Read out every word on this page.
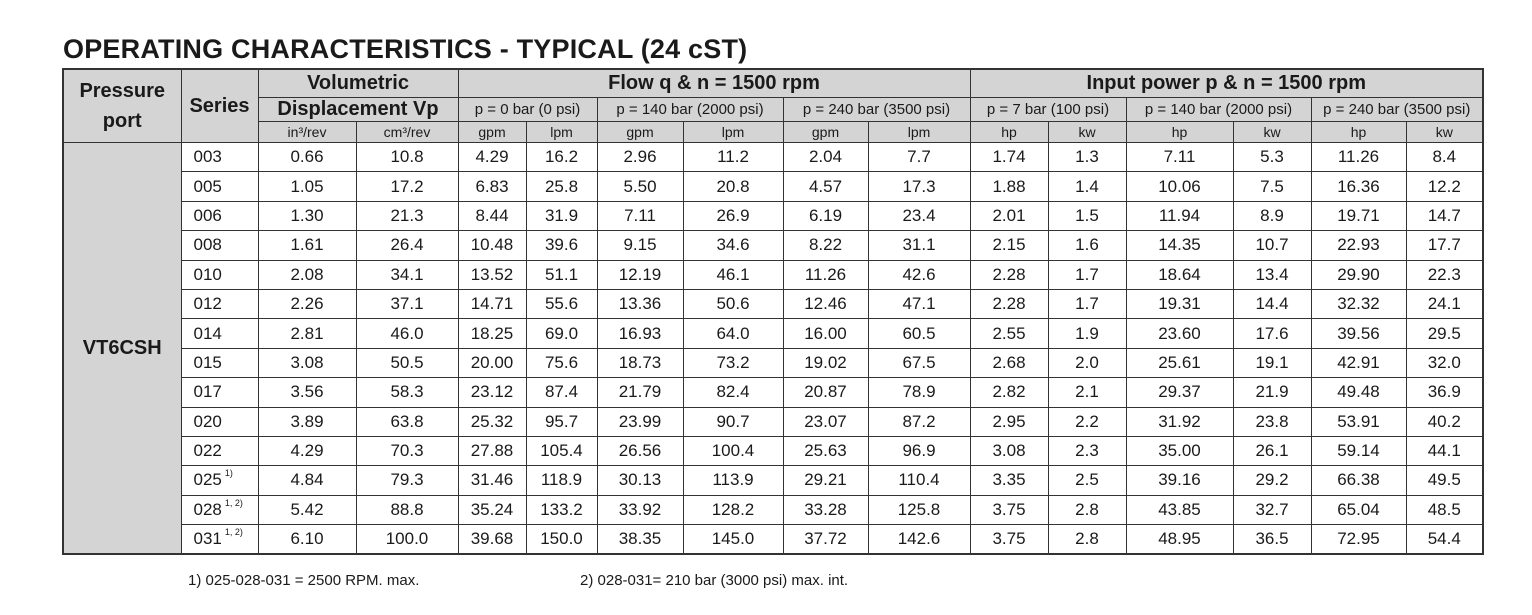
OPERATING CHARACTERISTICS - TYPICAL (24 cST)
Pressure port	Series	Volumetric		Flow q & n = 1500 rpm						Input power p & n = 1500 rpm					
		Displacement Vp		p = 0 bar (0 psi)		p = 140 bar (2000 psi)		p = 240 bar (3500 psi)		p = 7 bar (100 psi)		p = 140 bar (2000 psi)		p = 240 bar (3500 psi)	
		in³/rev	cm³/rev	gpm	lpm	gpm	lpm	gpm	lpm	hp	kw	hp	kw	hp	kw
VT6CSH	003	0.66	10.8	4.29	16.2	2.96	11.2	2.04	7.7	1.74	1.3	7.11	5.3	11.26	8.4
	005	1.05	17.2	6.83	25.8	5.50	20.8	4.57	17.3	1.88	1.4	10.06	7.5	16.36	12.2
	006	1.30	21.3	8.44	31.9	7.11	26.9	6.19	23.4	2.01	1.5	11.94	8.9	19.71	14.7
	008	1.61	26.4	10.48	39.6	9.15	34.6	8.22	31.1	2.15	1.6	14.35	10.7	22.93	17.7
	010	2.08	34.1	13.52	51.1	12.19	46.1	11.26	42.6	2.28	1.7	18.64	13.4	29.90	22.3
	012	2.26	37.1	14.71	55.6	13.36	50.6	12.46	47.1	2.28	1.7	19.31	14.4	32.32	24.1
	014	2.81	46.0	18.25	69.0	16.93	64.0	16.00	60.5	2.55	1.9	23.60	17.6	39.56	29.5
	015	3.08	50.5	20.00	75.6	18.73	73.2	19.02	67.5	2.68	2.0	25.61	19.1	42.91	32.0
	017	3.56	58.3	23.12	87.4	21.79	82.4	20.87	78.9	2.82	2.1	29.37	21.9	49.48	36.9
	020	3.89	63.8	25.32	95.7	23.99	90.7	23.07	87.2	2.95	2.2	31.92	23.8	53.91	40.2
	022	4.29	70.3	27.88	105.4	26.56	100.4	25.63	96.9	3.08	2.3	35.00	26.1	59.14	44.1
	025 $^{1)}$	4.84	79.3	31.46	118.9	30.13	113.9	29.21	110.4	3.35	2.5	39.16	29.2	66.38	49.5
	028 $^{1, 2)}$	5.42	88.8	35.24	133.2	33.92	128.2	33.28	125.8	3.75	2.8	43.85	32.7	65.04	48.5
	031 $^{1, 2)}$	6.10	100.0	39.68	150.0	38.35	145.0	37.72	142.6	3.75	2.8	48.95	36.5	72.95	54.4
1) 025-028-031 = 2500 RPM. max.	2) 028-031= 210 bar (3000 psi) max. int.
